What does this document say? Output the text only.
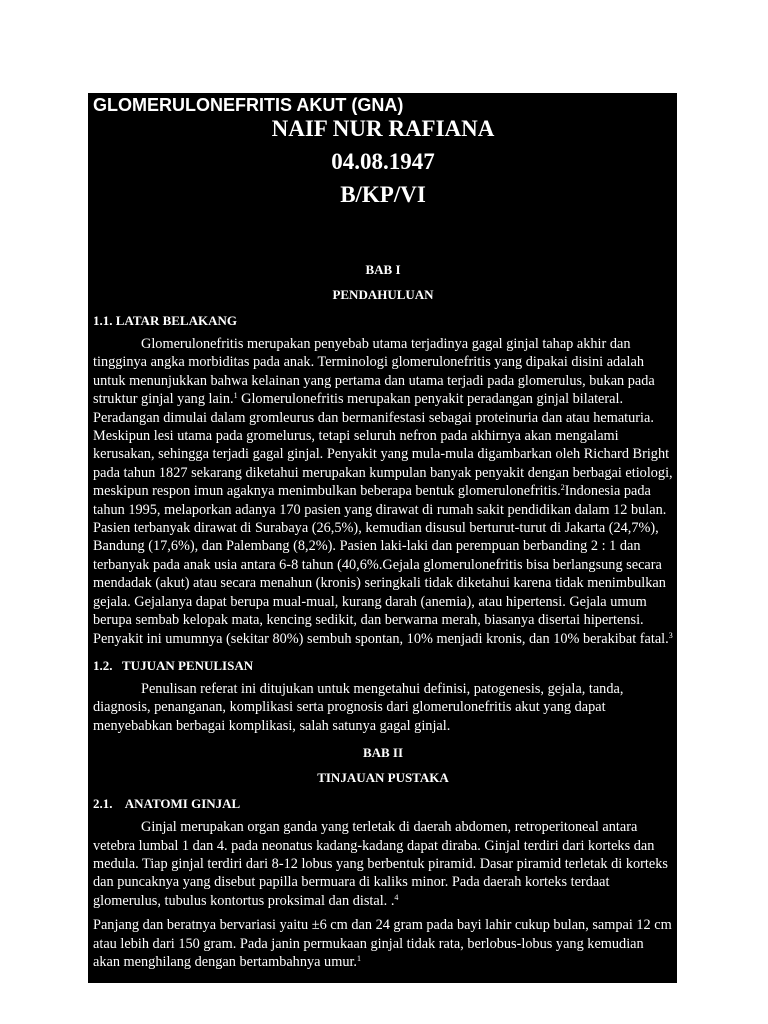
GLOMERULONEFRITIS AKUT (GNA)
NAIF NUR RAFIANA
04.08.1947
B/KP/VI
BAB I
PENDAHULUAN
1.1. LATAR BELAKANG

Glomerulonefritis merupakan penyebab utama terjadinya gagal ginjal tahap akhir dan tingginya angka morbiditas pada anak. Terminologi glomerulonefritis yang dipakai disini adalah untuk menunjukkan bahwa kelainan yang pertama dan utama terjadi pada glomerulus, bukan pada struktur ginjal yang lain.$^1$ Glomerulonefritis merupakan penyakit peradangan ginjal bilateral. Peradangan dimulai dalam gromleurus dan bermanifestasi sebagai proteinuria dan atau hematuria. Meskipun lesi utama pada gromelurus, tetapi seluruh nefron pada akhirnya akan mengalami kerusakan, sehingga terjadi gagal ginjal. Penyakit yang mula-mula digambarkan oleh Richard Bright pada tahun 1827 sekarang diketahui merupakan kumpulan banyak penyakit dengan berbagai etiologi, meskipun respon imun agaknya menimbulkan beberapa bentuk glomerulonefritis.$^2$Indonesia pada tahun 1995, melaporkan adanya 170 pasien yang dirawat di rumah sakit pendidikan dalam 12 bulan. Pasien terbanyak dirawat di Surabaya (26,5%), kemudian disusul berturut-turut di Jakarta (24,7%), Bandung (17,6%), dan Palembang (8,2%). Pasien laki-laki dan perempuan berbanding 2 : 1 dan terbanyak pada anak usia antara 6-8 tahun (40,6%.Gejala glomerulonefritis bisa berlangsung secara mendadak (akut) atau secara menahun (kronis) seringkali tidak diketahui karena tidak menimbulkan gejala. Gejalanya dapat berupa mual-mual, kurang darah (anemia), atau hipertensi. Gejala umum berupa sembab kelopak mata, kencing sedikit, dan berwarna merah, biasanya disertai hipertensi. Penyakit ini umumnya (sekitar 80%) sembuh spontan, 10% menjadi kronis, dan 10% berakibat fatal.$^3$

1.2.   TUJUAN PENULISAN

Penulisan referat ini ditujukan untuk mengetahui definisi, patogenesis, gejala, tanda, diagnosis, penanganan, komplikasi serta prognosis dari glomerulonefritis akut yang dapat menyebabkan berbagai komplikasi, salah satunya gagal ginjal.

BAB II
TINJAUAN PUSTAKA
2.1.    ANATOMI GINJAL

Ginjal merupakan organ ganda yang terletak di daerah abdomen, retroperitoneal antara vetebra lumbal 1 dan 4. pada neonatus kadang-kadang dapat diraba. Ginjal terdiri dari korteks dan medula. Tiap ginjal terdiri dari 8-12 lobus yang berbentuk piramid. Dasar piramid terletak di korteks dan puncaknya yang disebut papilla bermuara di kaliks minor. Pada daerah korteks terdaat glomerulus, tubulus kontortus proksimal dan distal. .$^4$

Panjang dan beratnya bervariasi yaitu ±6 cm dan 24 gram pada bayi lahir cukup bulan, sampai 12 cm atau lebih dari 150 gram. Pada janin permukaan ginjal tidak rata, berlobus-lobus yang kemudian akan menghilang dengan bertambahnya umur.$^1$
